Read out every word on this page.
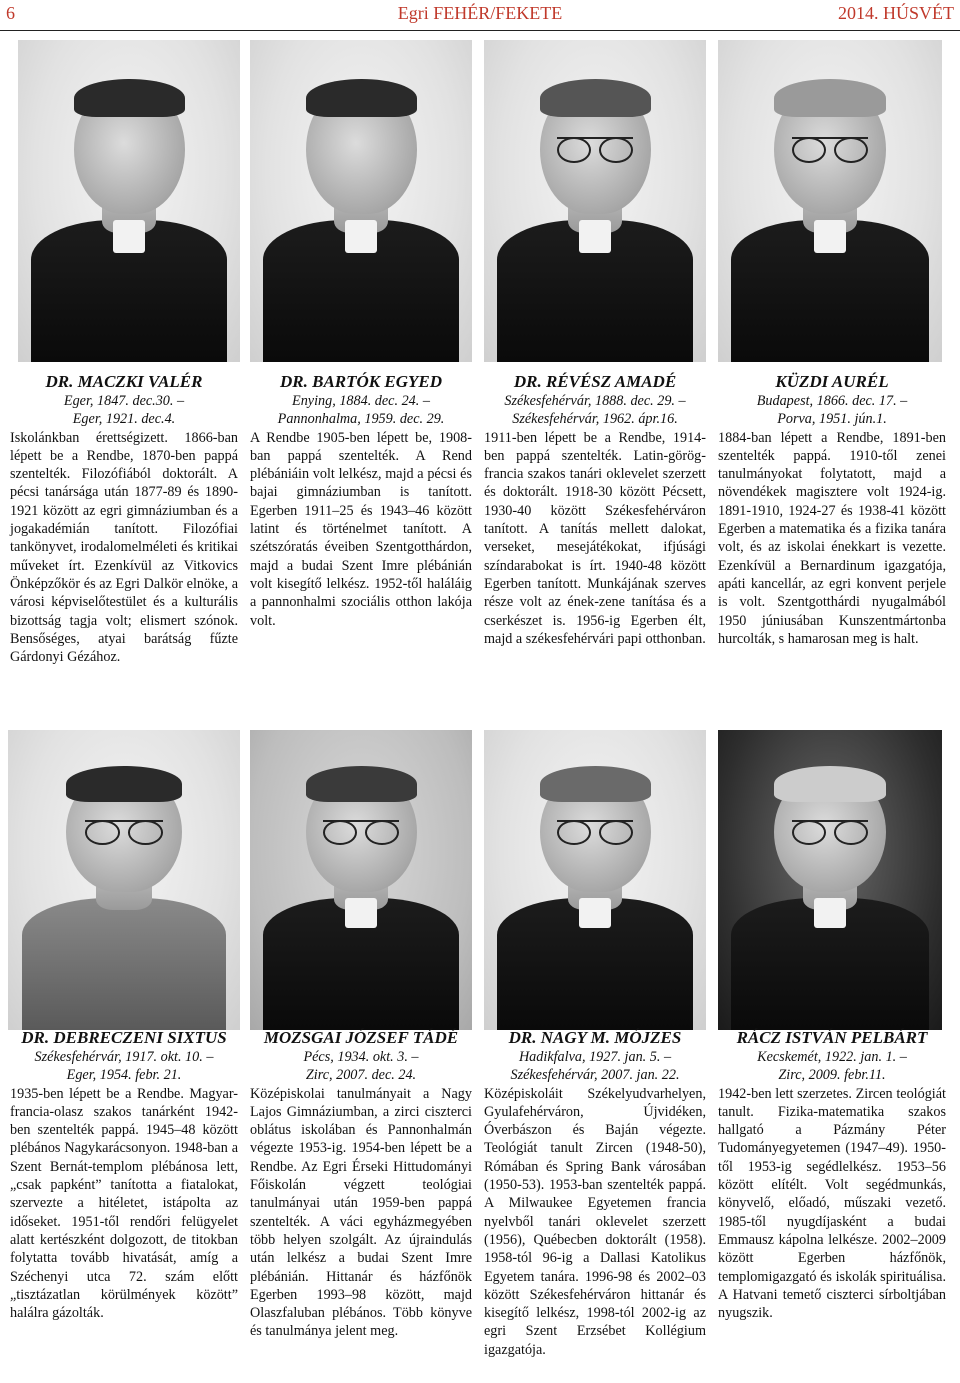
6	Egri FEHÉR/FEKETE	2014. HÚSVÉT

DR. MACZKI VALÉR

Eger, 1847. dec.30. –

Eger, 1921. dec.4.

Iskolánkban érettségizett. 1866-ban lépett be a Rendbe, 1870-ben pappá szentelték. Filozófiából doktorált. A pécsi tanársága után 1877-89 és 1890-1921 között az egri gimnáziumban és a jogakadémián tanított. Filozófiai tankönyvet, irodalomelméleti és kritikai műveket írt. Ezenkívül az Vitkovics Önképzőkör és az Egri Dalkör elnöke, a városi képviselőtestület és a kulturális bizottság tagja volt; elismert szónok. Bensőséges, atyai barátság fűzte Gárdonyi Gézához.

DR. BARTÓK EGYED

Enying, 1884. dec. 24. –

Pannonhalma, 1959. dec. 29.

A Rendbe 1905-ben lépett be, 1908-ban pappá szentelték. A Rend plébániáin volt lelkész, majd a pécsi és bajai gimnáziumban is tanított. Egerben 1911–25 és 1943–46 között latint és történelmet tanított. A szétszóratás éveiben Szentgotthárdon, majd a budai Szent Imre plébánián volt kisegítő lelkész. 1952-től haláláig a pannonhalmi szociális otthon lakója volt.

DR. RÉVÉSZ AMADÉ

Székesfehérvár, 1888. dec. 29. –

Székesfehérvár, 1962. ápr.16.

1911-ben lépett be a Rendbe, 1914-ben pappá szentelték. Latin-görög-francia szakos tanári oklevelet szerzett és doktorált. 1918-30 között Pécsett, 1930-40 között Székesfehérváron tanított. A tanítás mellett dalokat, verseket, mesejátékokat, ifjúsági színdarabokat is írt. 1940-48 között Egerben tanított. Munkájának szerves része volt az ének-zene tanítása és a cserkészet is. 1956-ig Egerben élt, majd a székesfehérvári papi otthonban.

KÜZDI AURÉL

Budapest, 1866. dec. 17. –

Porva, 1951. jún.1.

1884-ban lépett a Rendbe, 1891-ben szentelték pappá. 1910-től zenei tanulmányokat folytatott, majd a növendékek magisztere volt 1924-ig. 1891-1910, 1924-27 és 1938-41 között Egerben a matematika és a fizika tanára volt, és az iskolai énekkart is vezette. Ezenkívül a Bernardinum igazgatója, apáti kancellár, az egri konvent perjele is volt. Szentgotthárdi nyugalmából 1950 júniusában Kunszentmártonba hurcolták, s hamarosan meg is halt.

DR. DEBRECZENI SIXTUS

Székesfehérvár, 1917. okt. 10. –

Eger, 1954. febr. 21.

1935-ben lépett be a Rendbe. Magyar-francia-olasz szakos tanárként 1942-ben szentelték pappá. 1945–48 között plébános Nagykarácsonyon. 1948-ban a Szent Bernát-templom plébánosa lett, „csak papként” tanította a fiatalokat, szervezte a hitéletet, istápolta az időseket. 1951-től rendőri felügyelet alatt kertészként dolgozott, de titokban folytatta tovább hivatását, amíg a Széchenyi utca 72. szám előtt „tisztázatlan körülmények között” halálra gázolták.

MOZSGAI JÓZSEF TÁDÉ

Pécs, 1934. okt. 3. –

Zirc, 2007. dec. 24.

Középiskolai tanulmányait a Nagy Lajos Gimnáziumban, a zirci ciszterci oblátus iskolában és Pannonhalmán végezte 1953-ig. 1954-ben lépett be a Rendbe. Az Egri Érseki Hittudományi Főiskolán végzett teológiai tanulmányai után 1959-ben pappá szentelték. A váci egyházmegyében több helyen szolgált. Az újraindulás után lelkész a budai Szent Imre plébánián. Hittanár és házfőnök Egerben 1993–98 között, majd Olaszfaluban plébános. Több könyve és tanulmánya jelent meg.

DR. NAGY M. MÓJZES

Hadikfalva, 1927. jan. 5. –

Székesfehérvár, 2007. jan. 22.

Középiskoláit Székelyudvarhelyen, Gyulafehérváron, Újvidéken, Óverbászon és Baján végezte. Teológiát tanult Zircen (1948-50), Rómában és Spring Bank városában (1950-53). 1953-ban szentelték pappá. A Milwaukee Egyetemen francia nyelvből tanári oklevelet szerzett (1956), Québecben doktorált (1958). 1958-tól 96-ig a Dallasi Katolikus Egyetem tanára. 1996-98 és 2002–03 között Székesfehérváron hittanár és kisegítő lelkész, 1998-tól 2002-ig az egri Szent Erzsébet Kollégium igazgatója.

RÁCZ ISTVÁN PELBÁRT

Kecskemét, 1922. jan. 1. –

Zirc, 2009. febr.11.

1942-ben lett szerzetes. Zircen teológiát tanult. Fizika-matematika szakos hallgató a Pázmány Péter Tudományegyetemen (1947–49). 1950-től 1953-ig segédlelkész. 1953–56 között elítélt. Volt segédmunkás, könyvelő, előadó, műszaki vezető. 1985-től nyugdíjasként a budai Emmausz kápolna lelkésze. 2002–2009 között Egerben házfőnök, templomigazgató és iskolák spirituálisa. A Hatvani temető ciszterci sírboltjában nyugszik.
